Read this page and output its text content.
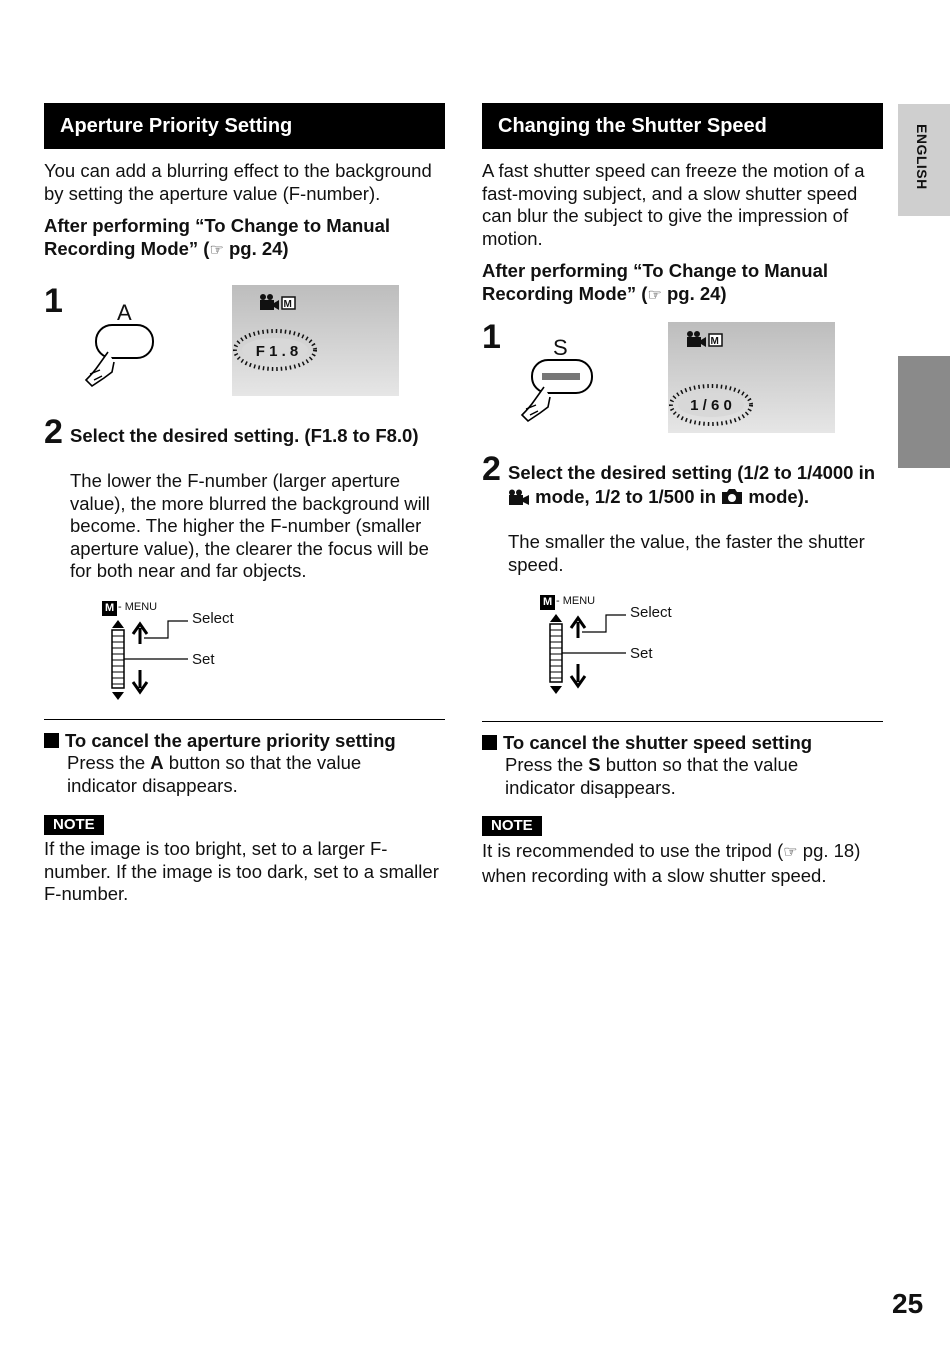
Aperture Priority Setting

You can add a blurring effect to the background by setting the aperture value (F-number).

After performing “To Change to Manual Recording Mode” (☞ pg. 24)

1 A	M
F 1 . 8
2 Select the desired setting. (F1.8 to F8.0)

The lower the F-number (larger aperture value), the more blurred the background will become. The higher the F-number (smaller aperture value), the clearer the focus will be for both near and far objects.

M - MENU
Select
Set

To cancel the aperture priority setting

Press the A button so that the value indicator disappears.

NOTE

If the image is too bright, set to a larger F-number. If the image is too dark, set to a smaller F-number.

Changing the Shutter Speed

A fast shutter speed can freeze the motion of a fast-moving subject, and a slow shutter speed can blur the subject to give the impression of motion.

After performing “To Change to Manual Recording Mode” (☞ pg. 24)

1 S	M
1 / 6 0
2 Select the desired setting (1/2 to 1/4000 in  mode, 1/2 to 1/500 in  mode).

The smaller the value, the faster the shutter speed.

M - MENU
Select
Set

To cancel the shutter speed setting

Press the S button so that the value indicator disappears.

NOTE

It is recommended to use the tripod (☞ pg. 18) when recording with a slow shutter speed.

ENGLISH
25
